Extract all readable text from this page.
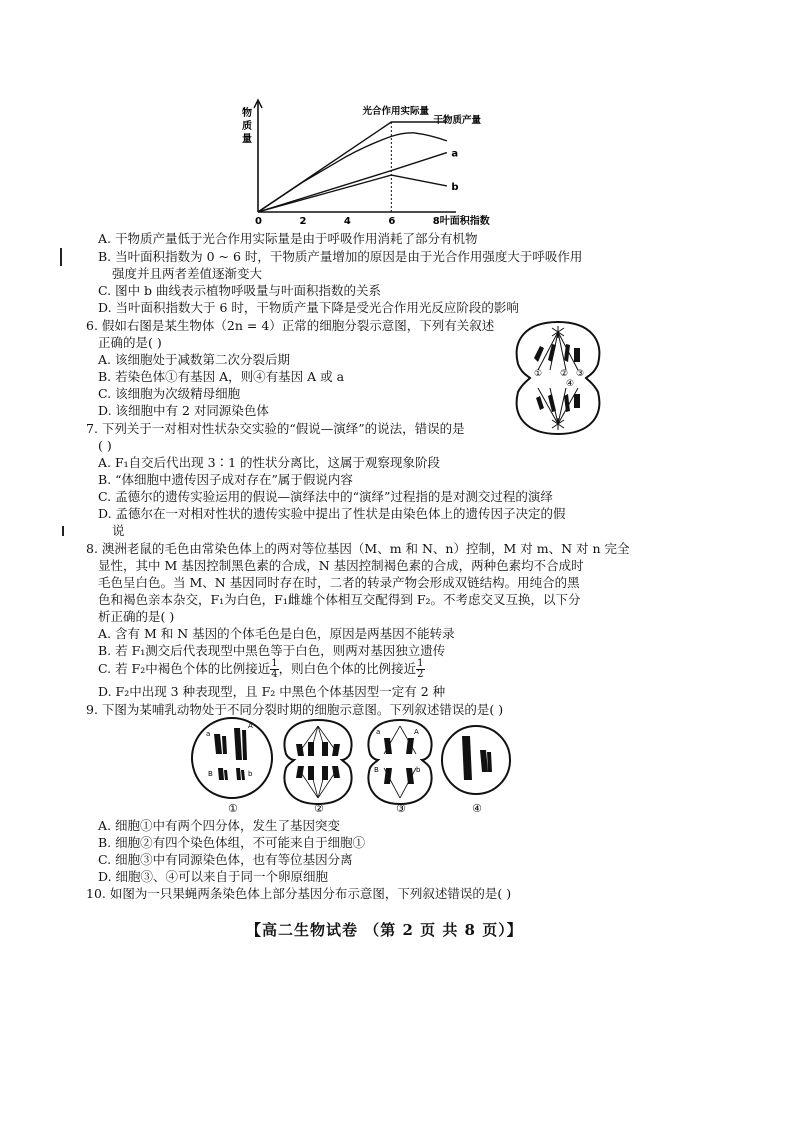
物
质
量
0	2	4	6	8 叶面积指数
光合作用实际量
干物质产量
a
b
A. 干物质产量低于光合作用实际量是由于呼吸作用消耗了部分有机物
B. 当叶面积指数为 0 ~ 6 时，干物质产量增加的原因是由于光合作用强度大于呼吸作用
强度并且两者差值逐渐变大
C. 图中 b 曲线表示植物呼吸量与叶面积指数的关系
D. 当叶面积指数大于 6 时，干物质产量下降是受光合作用光反应阶段的影响
6. 假如右图是某生物体（2n = 4）正常的细胞分裂示意图，下列有关叙述
正确的是( )
A. 该细胞处于减数第二次分裂后期
B. 若染色体①有基因 A，则④有基因 A 或 a
C. 该细胞为次级精母细胞
D. 该细胞中有 2 对同源染色体
① ② ③
④
7. 下列关于一对相对性状杂交实验的“假说—演绎”的说法，错误的是
( )
A. F₁自交后代出现 3∶1 的性状分离比，这属于观察现象阶段
B. “体细胞中遗传因子成对存在”属于假说内容
C. 孟德尔的遗传实验运用的假说—演绎法中的“演绎”过程指的是对测交过程的演绎
D. 孟德尔在一对相对性状的遗传实验中提出了性状是由染色体上的遗传因子决定的假
说
8. 澳洲老鼠的毛色由常染色体上的两对等位基因（M、m 和 N、n）控制，M 对 m、N 对 n 完全
显性，其中 M 基因控制黑色素的合成，N 基因控制褐色素的合成，两种色素均不合成时
毛色呈白色。当 M、N 基因同时存在时，二者的转录产物会形成双链结构。用纯合的黑
色和褐色亲本杂交，F₁为白色，F₁雌雄个体相互交配得到 F₂。不考虑交叉互换，以下分
析正确的是( )
A. 含有 M 和 N 基因的个体毛色是白色，原因是两基因不能转录
B. 若 F₁测交后代表现型中黑色等于白色，则两对基因独立遗传
C. 若 F₂中褐色个体的比例接近 $\frac{1}{4}$ ，则白色个体的比例接近 $\frac{1}{2}$
D. F₂中出现 3 种表现型，且 F₂ 中黑色个体基因型一定有 2 种
9. 下图为某哺乳动物处于不同分裂时期的细胞示意图。下列叙述错误的是( )
a
A
B	b
a	A
B	b
①	②	③	④
A. 细胞①中有两个四分体，发生了基因突变
B. 细胞②有四个染色体组，不可能来自于细胞①
C. 细胞③中有同源染色体，也有等位基因分离
D. 细胞③、④可以来自于同一个卵原细胞
10. 如图为一只果蝇两条染色体上部分基因分布示意图，下列叙述错误的是( )
【高二生物试卷 （第 2 页 共 8 页）】
